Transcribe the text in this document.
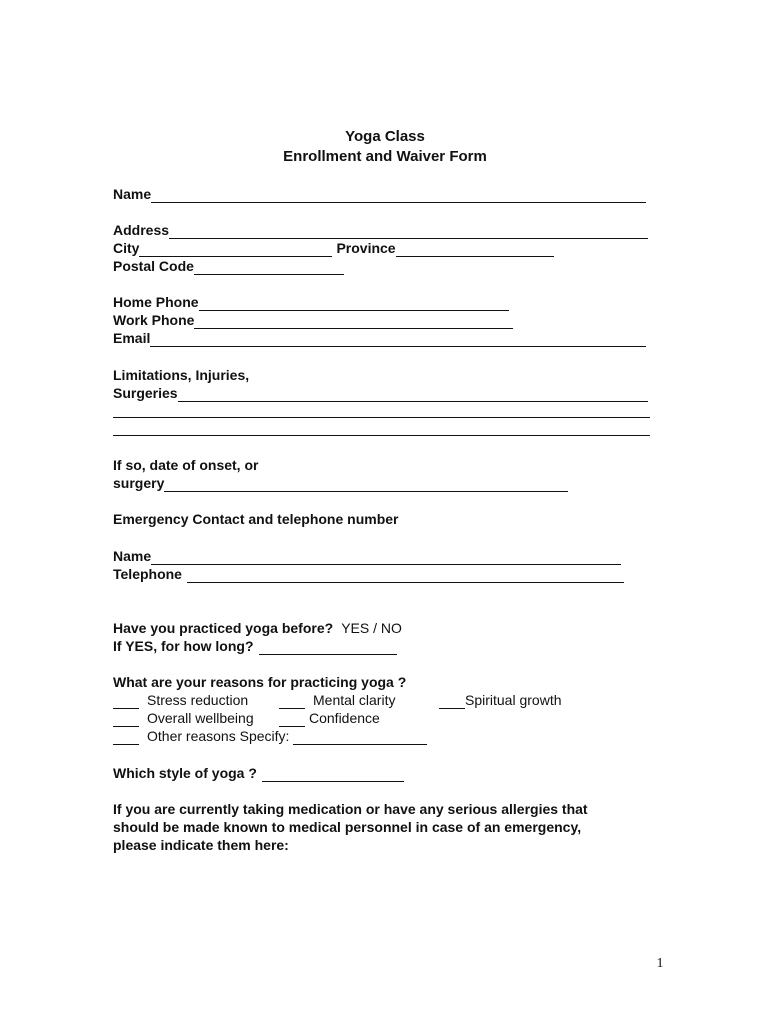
Yoga Class
Enrollment and Waiver Form
Name
Address
City	Province
Postal Code
Home Phone
Work Phone
Email
Limitations, Injuries,
Surgeries
If so, date of onset, or
surgery
Emergency Contact and telephone number
Name
Telephone
Have you practiced yoga before? YES / NO
If YES, for how long?
What are your reasons for practicing yoga ?
Stress reduction	Mental clarity	Spiritual growth
Overall wellbeing	Confidence
Other reasons Specify:
Which style of yoga ?
If you are currently taking medication or have any serious allergies that
should be made known to medical personnel in case of an emergency,
please indicate them here:
1
